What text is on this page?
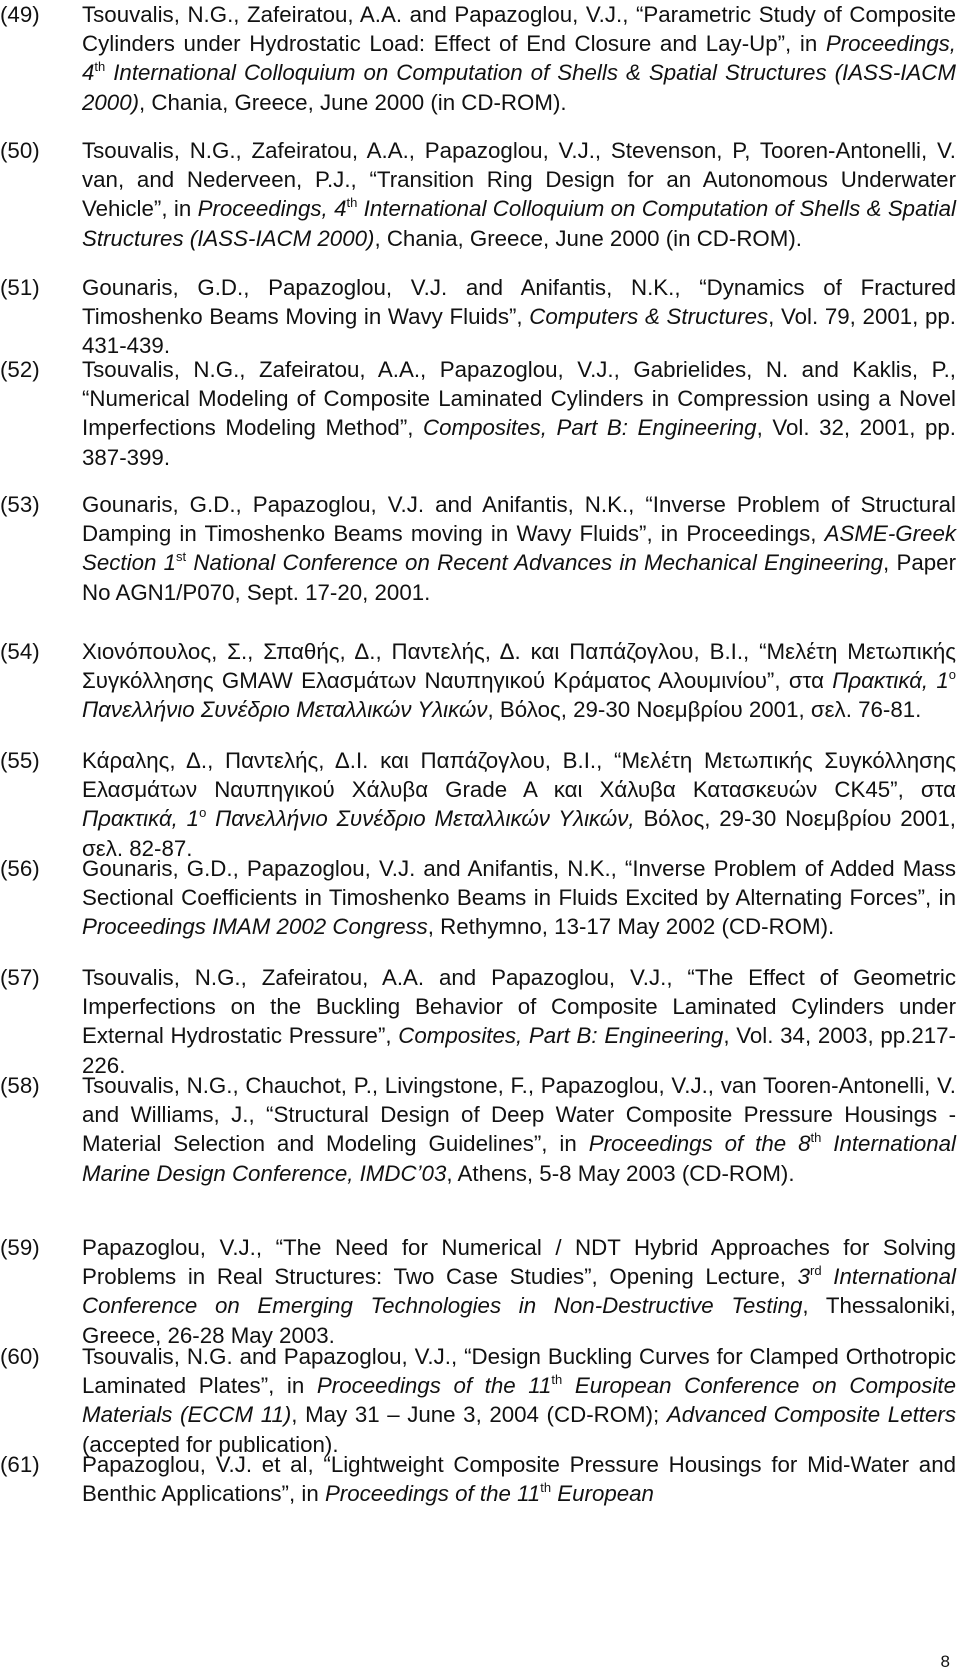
(49)	Tsouvalis, N.G., Zafeiratou, A.A. and Papazoglou, V.J., “Parametric Study of Composite Cylinders under Hydrostatic Load: Effect of End Closure and Lay-Up”, in Proceedings, 4th International Colloquium on Computation of Shells & Spatial Structures (IASS-IACM 2000), Chania, Greece, June 2000 (in CD-ROM).
(50)	Tsouvalis, N.G., Zafeiratou, A.A., Papazoglou, V.J., Stevenson, P, Tooren-Antonelli, V. van, and Nederveen, P.J., “Transition Ring Design for an Autonomous Underwater Vehicle”, in Proceedings, 4th International Colloquium on Computation of Shells & Spatial Structures (IASS-IACM 2000), Chania, Greece, June 2000 (in CD-ROM).
(51)	Gounaris, G.D., Papazoglou, V.J. and Anifantis, N.K., “Dynamics of Fractured Timoshenko Beams Moving in Wavy Fluids”, Computers & Structures, Vol. 79, 2001, pp. 431-439.
(52)	Tsouvalis, N.G., Zafeiratou, A.A., Papazoglou, V.J., Gabrielides, N. and Kaklis, P., “Numerical Modeling of Composite Laminated Cylinders in Compression using a Novel Imperfections Modeling Method”, Composites, Part B: Engineering, Vol. 32, 2001, pp. 387-399.
(53)	Gounaris, G.D., Papazoglou, V.J. and Anifantis, N.K., “Inverse Problem of Structural Damping in Timoshenko Beams moving in Wavy Fluids”, in Proceedings, ASME-Greek Section 1st National Conference on Recent Advances in Mechanical Engineering, Paper No AGN1/P070, Sept. 17-20, 2001.
(54)	Χιονόπουλος, Σ., Σπαθής, Δ., Παντελής, Δ. και Παπάζογλου, Β.Ι., “Μελέτη Μετωπικής Συγκόλλησης GMAW Ελασμάτων Ναυπηγικού Κράματος Αλουμινίου”, στα Πρακτικά, $1^o$ Πανελλήνιο Συνέδριο Μεταλλικών Υλικών, Βόλος, 29-30 Νοεμβρίου 2001, σελ. 76-81.
(55)	Κάραλης, Δ., Παντελής, Δ.Ι. και Παπάζογλου, Β.Ι., “Μελέτη Μετωπικής Συγκόλλησης Ελασμάτων Ναυπηγικού Χάλυβα Grade A και Χάλυβα Κατασκευών CK45”, στα Πρακτικά, $1^o$ Πανελλήνιο Συνέδριο Μεταλλικών Υλικών, Βόλος, 29-30 Νοεμβρίου 2001, σελ. 82-87.
(56)	Gounaris, G.D., Papazoglou, V.J. and Anifantis, N.K., “Inverse Problem of Added Mass Sectional Coefficients in Timoshenko Beams in Fluids Excited by Alternating Forces”, in Proceedings IMAM 2002 Congress, Rethymno, 13-17 May 2002 (CD-ROM).
(57)	Tsouvalis, N.G., Zafeiratou, A.A. and Papazoglou, V.J., “The Effect of Geometric Imperfections on the Buckling Behavior of Composite Laminated Cylinders under External Hydrostatic Pressure”, Composites, Part B: Engineering, Vol. 34, 2003, pp.217-226.
(58)	Tsouvalis, N.G., Chauchot, P., Livingstone, F., Papazoglou, V.J., van Tooren-Antonelli, V. and Williams, J., “Structural Design of Deep Water Composite Pressure Housings - Material Selection and Modeling Guidelines”, in Proceedings of the 8th International Marine Design Conference, IMDC’03, Athens, 5-8 May 2003 (CD-ROM).
(59)	Papazoglou, V.J., “The Need for Numerical / NDT Hybrid Approaches for Solving Problems in Real Structures: Two Case Studies”, Opening Lecture, 3rd International Conference on Emerging Technologies in Non-Destructive Testing, Thessaloniki, Greece, 26-28 May 2003.
(60)	Tsouvalis, N.G. and Papazoglou, V.J., “Design Buckling Curves for Clamped Orthotropic Laminated Plates”, in Proceedings of the 11th European Conference on Composite Materials (ECCM 11), May 31 – June 3, 2004 (CD-ROM); Advanced Composite Letters (accepted for publication).
(61)	Papazoglou, V.J. et al, “Lightweight Composite Pressure Housings for Mid-Water and Benthic Applications”, in Proceedings of the 11th European
8
